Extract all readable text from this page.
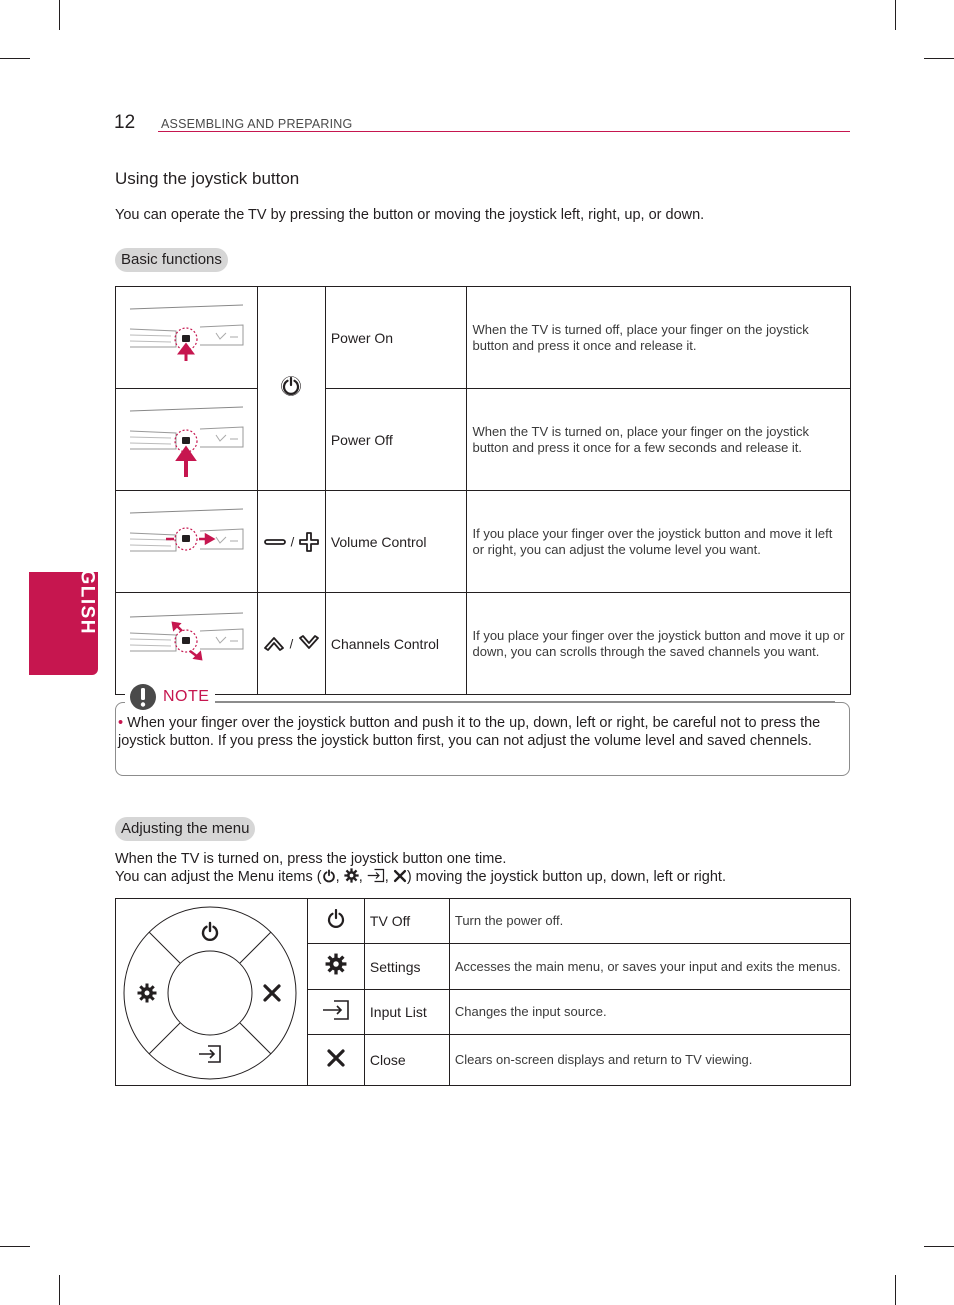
12 ASSEMBLING AND PREPARING
ENGLISH
Using the joystick button
You can operate the TV by pressing the button or moving the joystick left, right, up, or down.
Basic functions
		Power On	When the TV is turned off, place your finger on the joystick button and press it once and release it.
	Power Off	When the TV is turned on, place your finger on the joystick button and press it once for a few seconds and release it.
	/	Volume Control	If you place your finger over the joystick button and move it left or right, you can adjust the volume level you want.
	/	Channels Control	If you place your finger over the joystick button and move it up or down, you can scrolls through the saved channels you want.
NOTE
• When your finger over the joystick button and push it to the up, down, left or right, be careful not to press the joystick button. If you press the joystick button first, you can not adjust the volume level and saved chennels.
Adjusting the menu
When the TV is turned on, press the joystick button one time.
You can adjust the Menu items ( , , , ) moving the joystick button up, down, left or right.
		TV Off	Turn the power off.
	Settings	Accesses the main menu, or saves your input and exits the menus.
	Input List	Changes the input source.
	Close	Clears on-screen displays and return to TV viewing.
